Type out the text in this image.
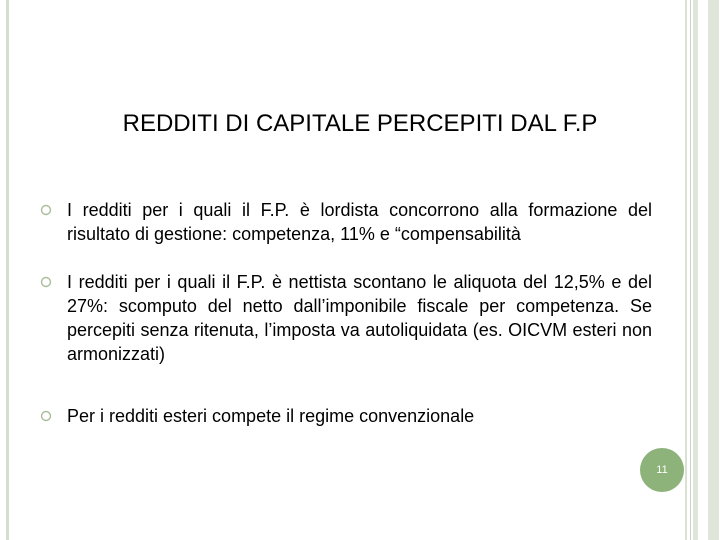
REDDITI DI CAPITALE PERCEPITI DAL F.P

I redditi per i quali il F.P. è lordista concorrono alla formazione del risultato di gestione: competenza, 11% e “compensabilità

I redditi per i quali il F.P. è nettista scontano le aliquota del 12,5% e del 27%: scomputo del netto dall’imponibile fiscale per competenza. Se percepiti senza ritenuta, l’imposta va autoliquidata (es. OICVM esteri non armonizzati)

Per i redditi esteri compete il regime convenzionale

11
